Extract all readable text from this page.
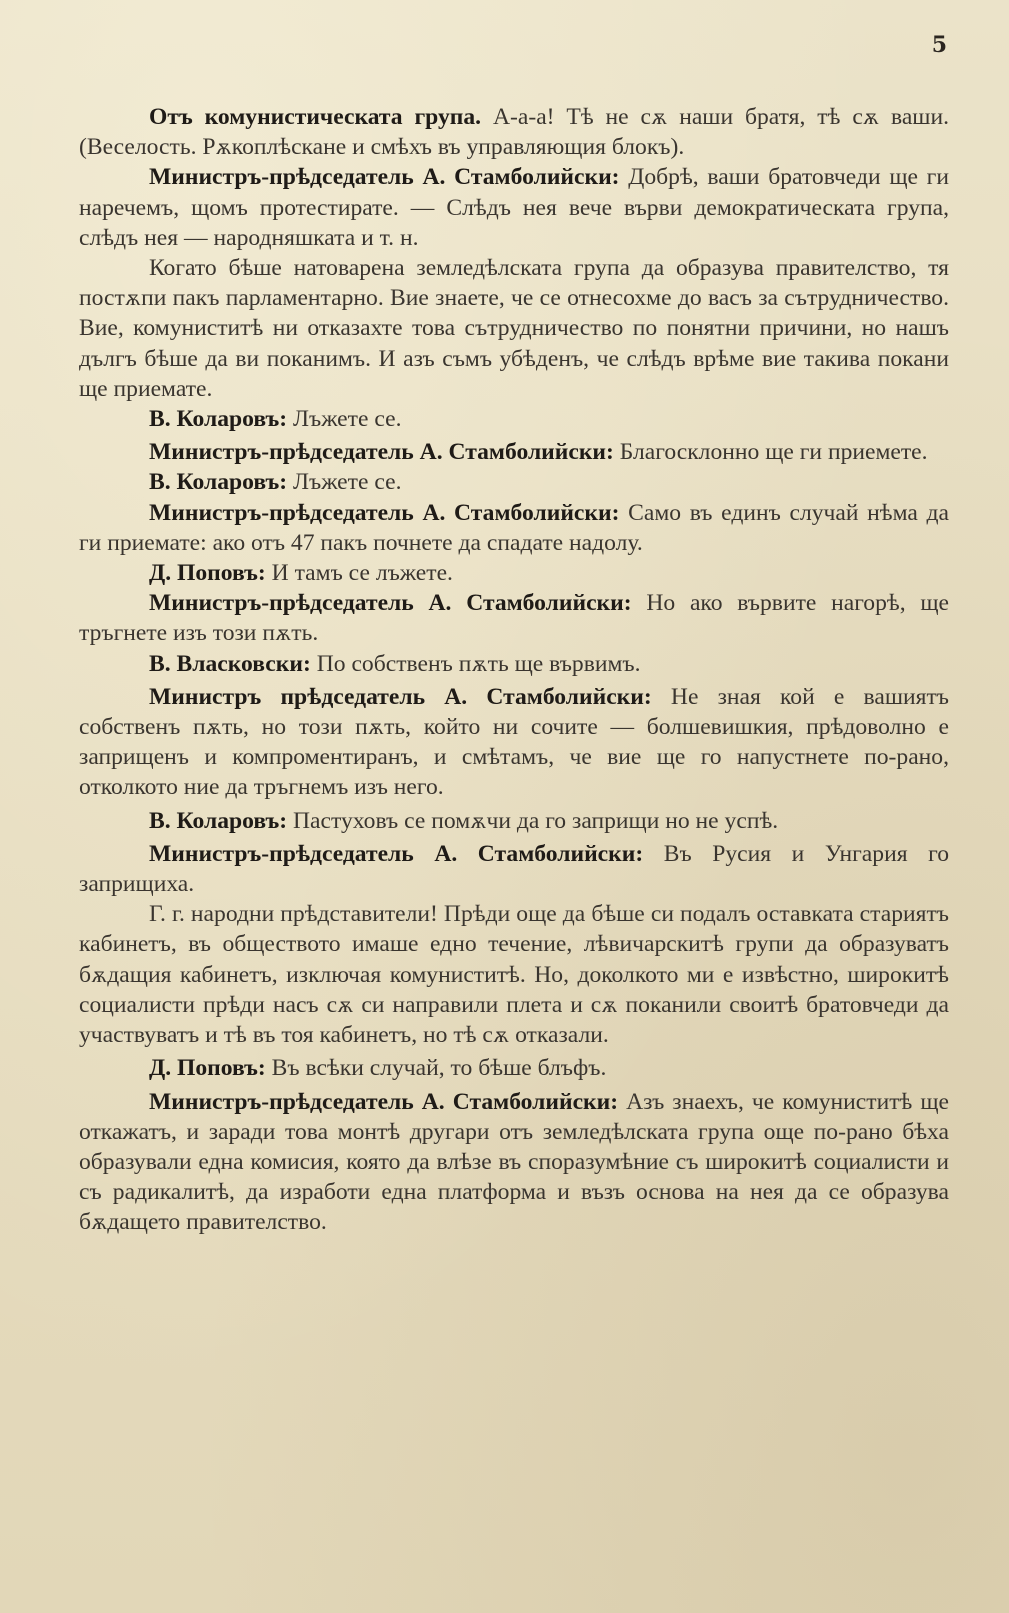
5

Отъ комунистическата група. А-а-а! Тѣ не сѫ наши братя, тѣ сѫ ваши. (Веселость. Рѫкоплѣскане и смѣхъ въ управляющия блокъ).

Министръ-прѣдседатель А. Стамболийски: Добрѣ, ваши братовчеди ще ги наречемъ, щомъ протестирате. — Слѣдъ нея вече върви демократическата група, слѣдъ нея — народняшката и т. н.

Когато бѣше натоварена земледѣлската група да образува правителство, тя постѫпи пакъ парламентарно. Вие знаете, че се отнесохме до васъ за сътрудничество. Вие, комуниститѣ ни отказахте това сътрудничество по понятни причини, но нашъ дългъ бѣше да ви поканимъ. И азъ съмъ убѣденъ, че слѣдъ врѣме вие такива покани ще приемате.

В. Коларовъ: Лъжете се.

Министръ-прѣдседатель А. Стамболийски: Благосклонно ще ги приемете.

В. Коларовъ: Лъжете се.

Министръ-прѣдседатель А. Стамболийски: Само въ единъ случай нѣма да ги приемате: ако отъ 47 пакъ почнете да спадате надолу.

Д. Поповъ: И тамъ се лъжете.

Министръ-прѣдседатель А. Стамболийски: Но ако вървите нагорѣ, ще тръгнете изъ този пѫть.

В. Власковски: По собственъ пѫть ще вървимъ.

Министръ прѣдседатель А. Стамболийски: Не зная кой е вашиятъ собственъ пѫть, но този пѫть, който ни сочите — болшевишкия, прѣдоволно е заприщенъ и компроментиранъ, и смѣтамъ, че вие ще го напустнете по-рано, отколкото ние да тръгнемъ изъ него.

В. Коларовъ: Пастуховъ се помѫчи да го заприщи но не успѣ.

Министръ-прѣдседатель А. Стамболийски: Въ Русия и Унгария го заприщиха.

Г. г. народни прѣдставители! Прѣди още да бѣше си подалъ оставката стариятъ кабинетъ, въ обществото имаше едно течение, лѣвичарскитѣ групи да образуватъ бѫдащия кабинетъ, изключая комуниститѣ. Но, доколкото ми е извѣстно, широкитѣ социалисти прѣди насъ сѫ си направили плета и сѫ поканили своитѣ братовчеди да участвуватъ и тѣ въ тоя кабинетъ, но тѣ сѫ отказали.

Д. Поповъ: Въ всѣки случай, то бѣше блъфъ.

Министръ-прѣдседатель А. Стамболийски: Азъ знаехъ, че комуниститѣ ще откажатъ, и заради това монтѣ другари отъ земледѣлската група още по-рано бѣха образували една комисия, която да влѣзе въ споразумѣние съ широкитѣ социалисти и съ радикалитѣ, да изработи една платформа и възъ основа на нея да се образува бѫдащето правителство.
